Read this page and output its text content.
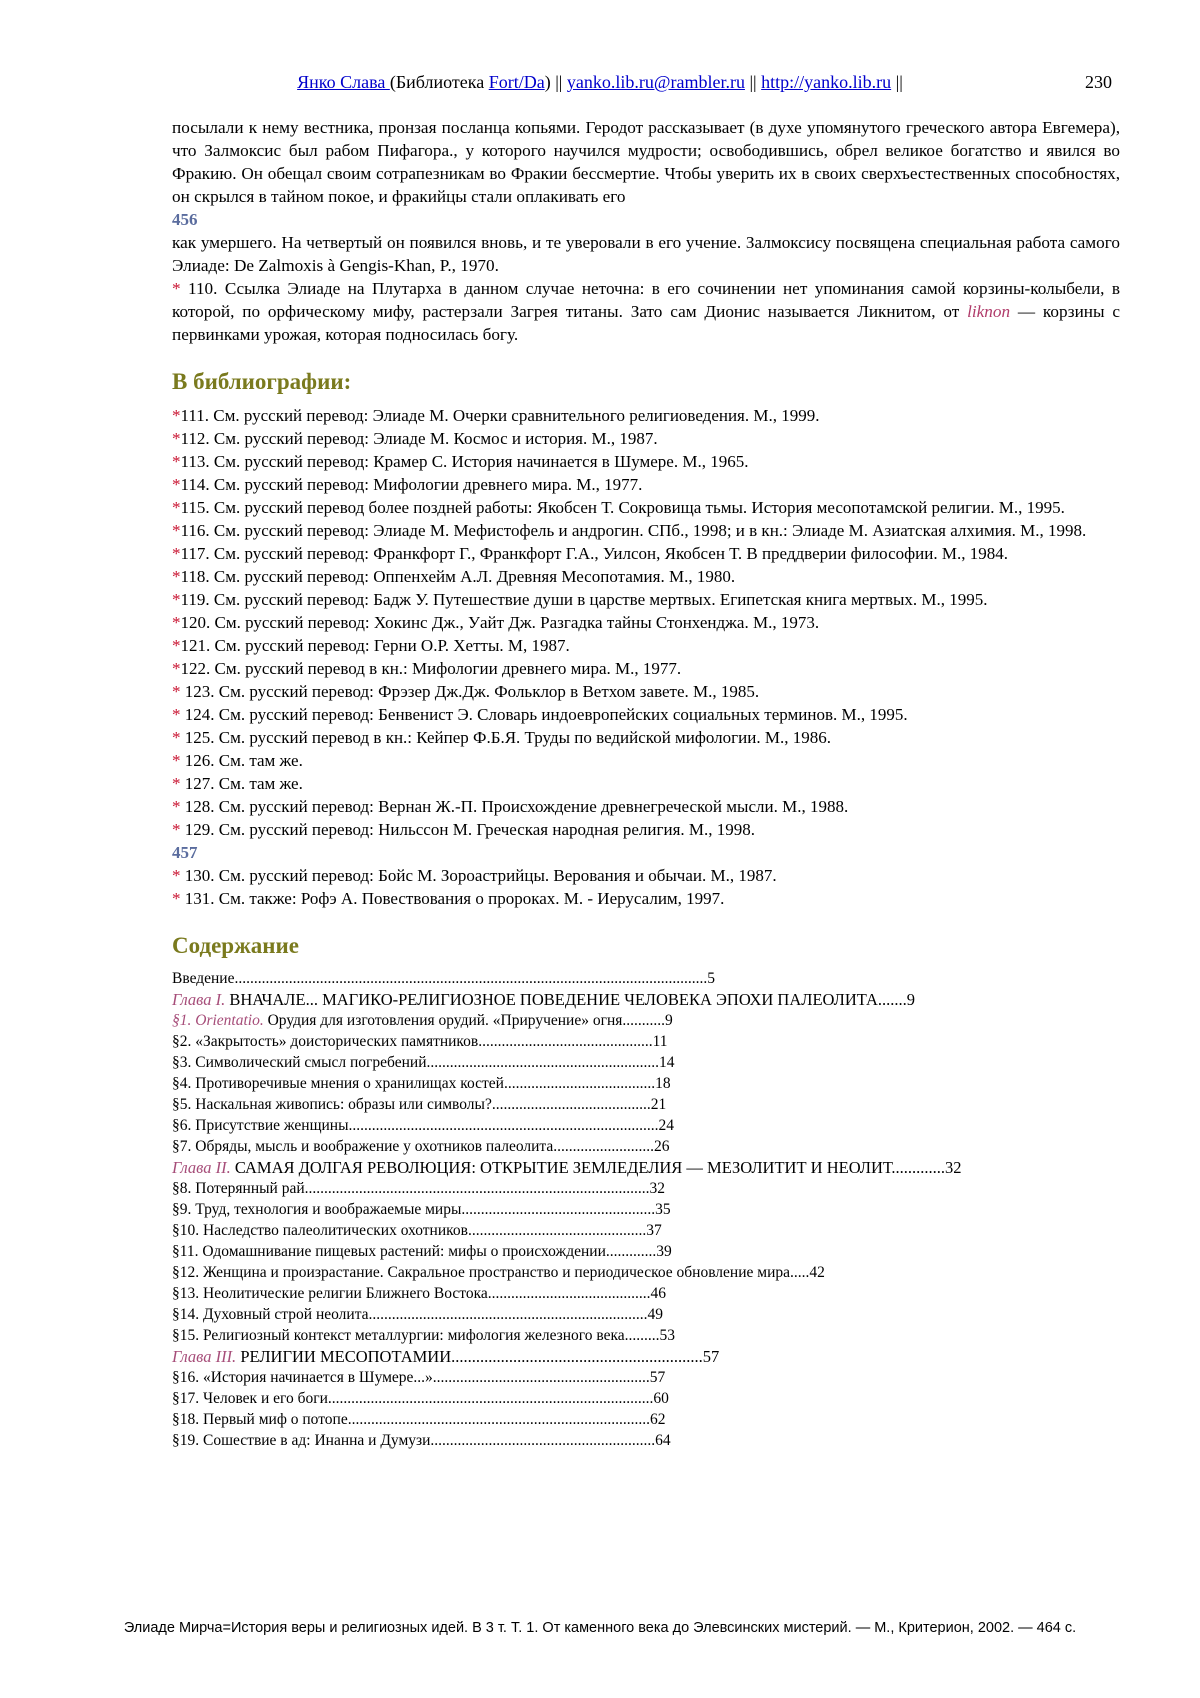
Янко Слава (Библиотека Fort/Da) || yanko.lib.ru@rambler.ru || http://yanko.lib.ru ||	230

посылали к нему вестника, пронзая посланца копьями. Геродот рассказывает (в духе упомянутого греческого автора Евгемера), что Залмоксис был рабом Пифагора., у которого научился мудрости; освободившись, обрел великое богатство и явился во Фракию. Он обещал своим сотрапезникам во Фракии бессмертие. Чтобы уверить их в своих сверхъестественных способностях, он скрылся в тайном покое, и фракийцы стали оплакивать его

456

как умершего. На четвертый он появился вновь, и те уверовали в его учение. Залмоксису посвящена специальная работа самого Элиаде: De Zalmoxis à Gengis-Khan, P., 1970.

* 110. Ссылка Элиаде на Плутарха в данном случае неточна: в его сочинении нет упоминания самой корзины-колыбели, в которой, по орфическому мифу, растерзали Загрея титаны. Зато сам Дионис называется Ликнитом, от liknon — корзины с первинками урожая, которая подносилась богу.

В библиографии:

*111. См. русский перевод: Элиаде М. Очерки сравнительного религиоведения. М., 1999.

*112. См. русский перевод: Элиаде М. Космос и история. М., 1987.

*113. См. русский перевод: Крамер С. История начинается в Шумере. М., 1965.

*114. См. русский перевод: Мифологии древнего мира. М., 1977.

*115. См. русский перевод более поздней работы: Якобсен Т. Сокровища тьмы. История месопотамской религии. М., 1995.

*116. См. русский перевод: Элиаде М. Мефистофель и андрогин. СПб., 1998; и в кн.: Элиаде М. Азиатская алхимия. М., 1998.

*117. См. русский перевод: Франкфорт Г., Франкфорт Г.А., Уилсон, Якобсен Т. В преддверии философии. М., 1984.

*118. См. русский перевод: Оппенхейм А.Л. Древняя Месопотамия. М., 1980.

*119. См. русский перевод: Бадж У. Путешествие души в царстве мертвых. Египетская книга мертвых. М., 1995.

*120. См. русский перевод: Хокинс Дж., Уайт Дж. Разгадка тайны Стонхенджа. М., 1973.

*121. См. русский перевод: Герни О.Р. Хетты. М, 1987.

*122. См. русский перевод в кн.: Мифологии древнего мира. М., 1977.

* 123. См. русский перевод: Фрэзер Дж.Дж. Фольклор в Ветхом завете. М., 1985.

* 124. См. русский перевод: Бенвенист Э. Словарь индоевропейских социальных терминов. М., 1995.

* 125. См. русский перевод в кн.: Кейпер Ф.Б.Я. Труды по ведийской мифологии. М., 1986.

* 126. См. там же.

* 127. См. там же.

* 128. См. русский перевод: Вернан Ж.-П. Происхождение древнегреческой мысли. М., 1988.

* 129. См. русский перевод: Нильссон М. Греческая народная религия. М., 1998.

457

* 130. См. русский перевод: Бойс М. Зороастрийцы. Верования и обычаи. М., 1987.

* 131. См. также: Рофэ А. Повествования о пророках. М. - Иерусалим, 1997.

Содержание
Введение..........................................................................................................................5
Глава I. ВНАЧАЛЕ... МАГИКО-РЕЛИГИОЗНОЕ ПОВЕДЕНИЕ ЧЕЛОВЕКА ЭПОХИ ПАЛЕОЛИТА.......9
§1. Orientatio. Орудия для изготовления орудий. «Приручение» огня...........9
§2. «Закрытость» доисторических памятников.............................................11
§3. Символический смысл погребений............................................................14
§4. Противоречивые мнения о хранилищах костей.......................................18
§5. Наскальная живопись: образы или символы?.........................................21
§6. Присутствие женщины................................................................................24
§7. Обряды, мысль и воображение у охотников палеолита..........................26
Глава II. САМАЯ ДОЛГАЯ РЕВОЛЮЦИЯ: ОТКРЫТИЕ ЗЕМЛЕДЕЛИЯ — МЕЗОЛИТИТ И НЕОЛИТ.............32
§8. Потерянный рай.........................................................................................32
§9. Труд, технология и воображаемые миры..................................................35
§10. Наследство палеолитических охотников..............................................37
§11. Одомашнивание пищевых растений: мифы о происхождении.............39
§12. Женщина и произрастание. Сакральное пространство и периодическое обновление мира.....42
§13. Неолитические религии Ближнего Востока..........................................46
§14. Духовный строй неолита........................................................................49
§15. Религиозный контекст металлургии: мифология железного века.........53
Глава III. РЕЛИГИИ МЕСОПОТАМИИ.............................................................57
§16. «История начинается в Шумере...»........................................................57
§17. Человек и его боги....................................................................................60
§18. Первый миф о потопе..............................................................................62
§19. Сошествие в ад: Инанна и Думузи..........................................................64
Элиаде Мирча=История веры и религиозных идей. В 3 т. Т. 1. От каменного века до Элевсинских мистерий. — М., Критерион, 2002. — 464 с.
